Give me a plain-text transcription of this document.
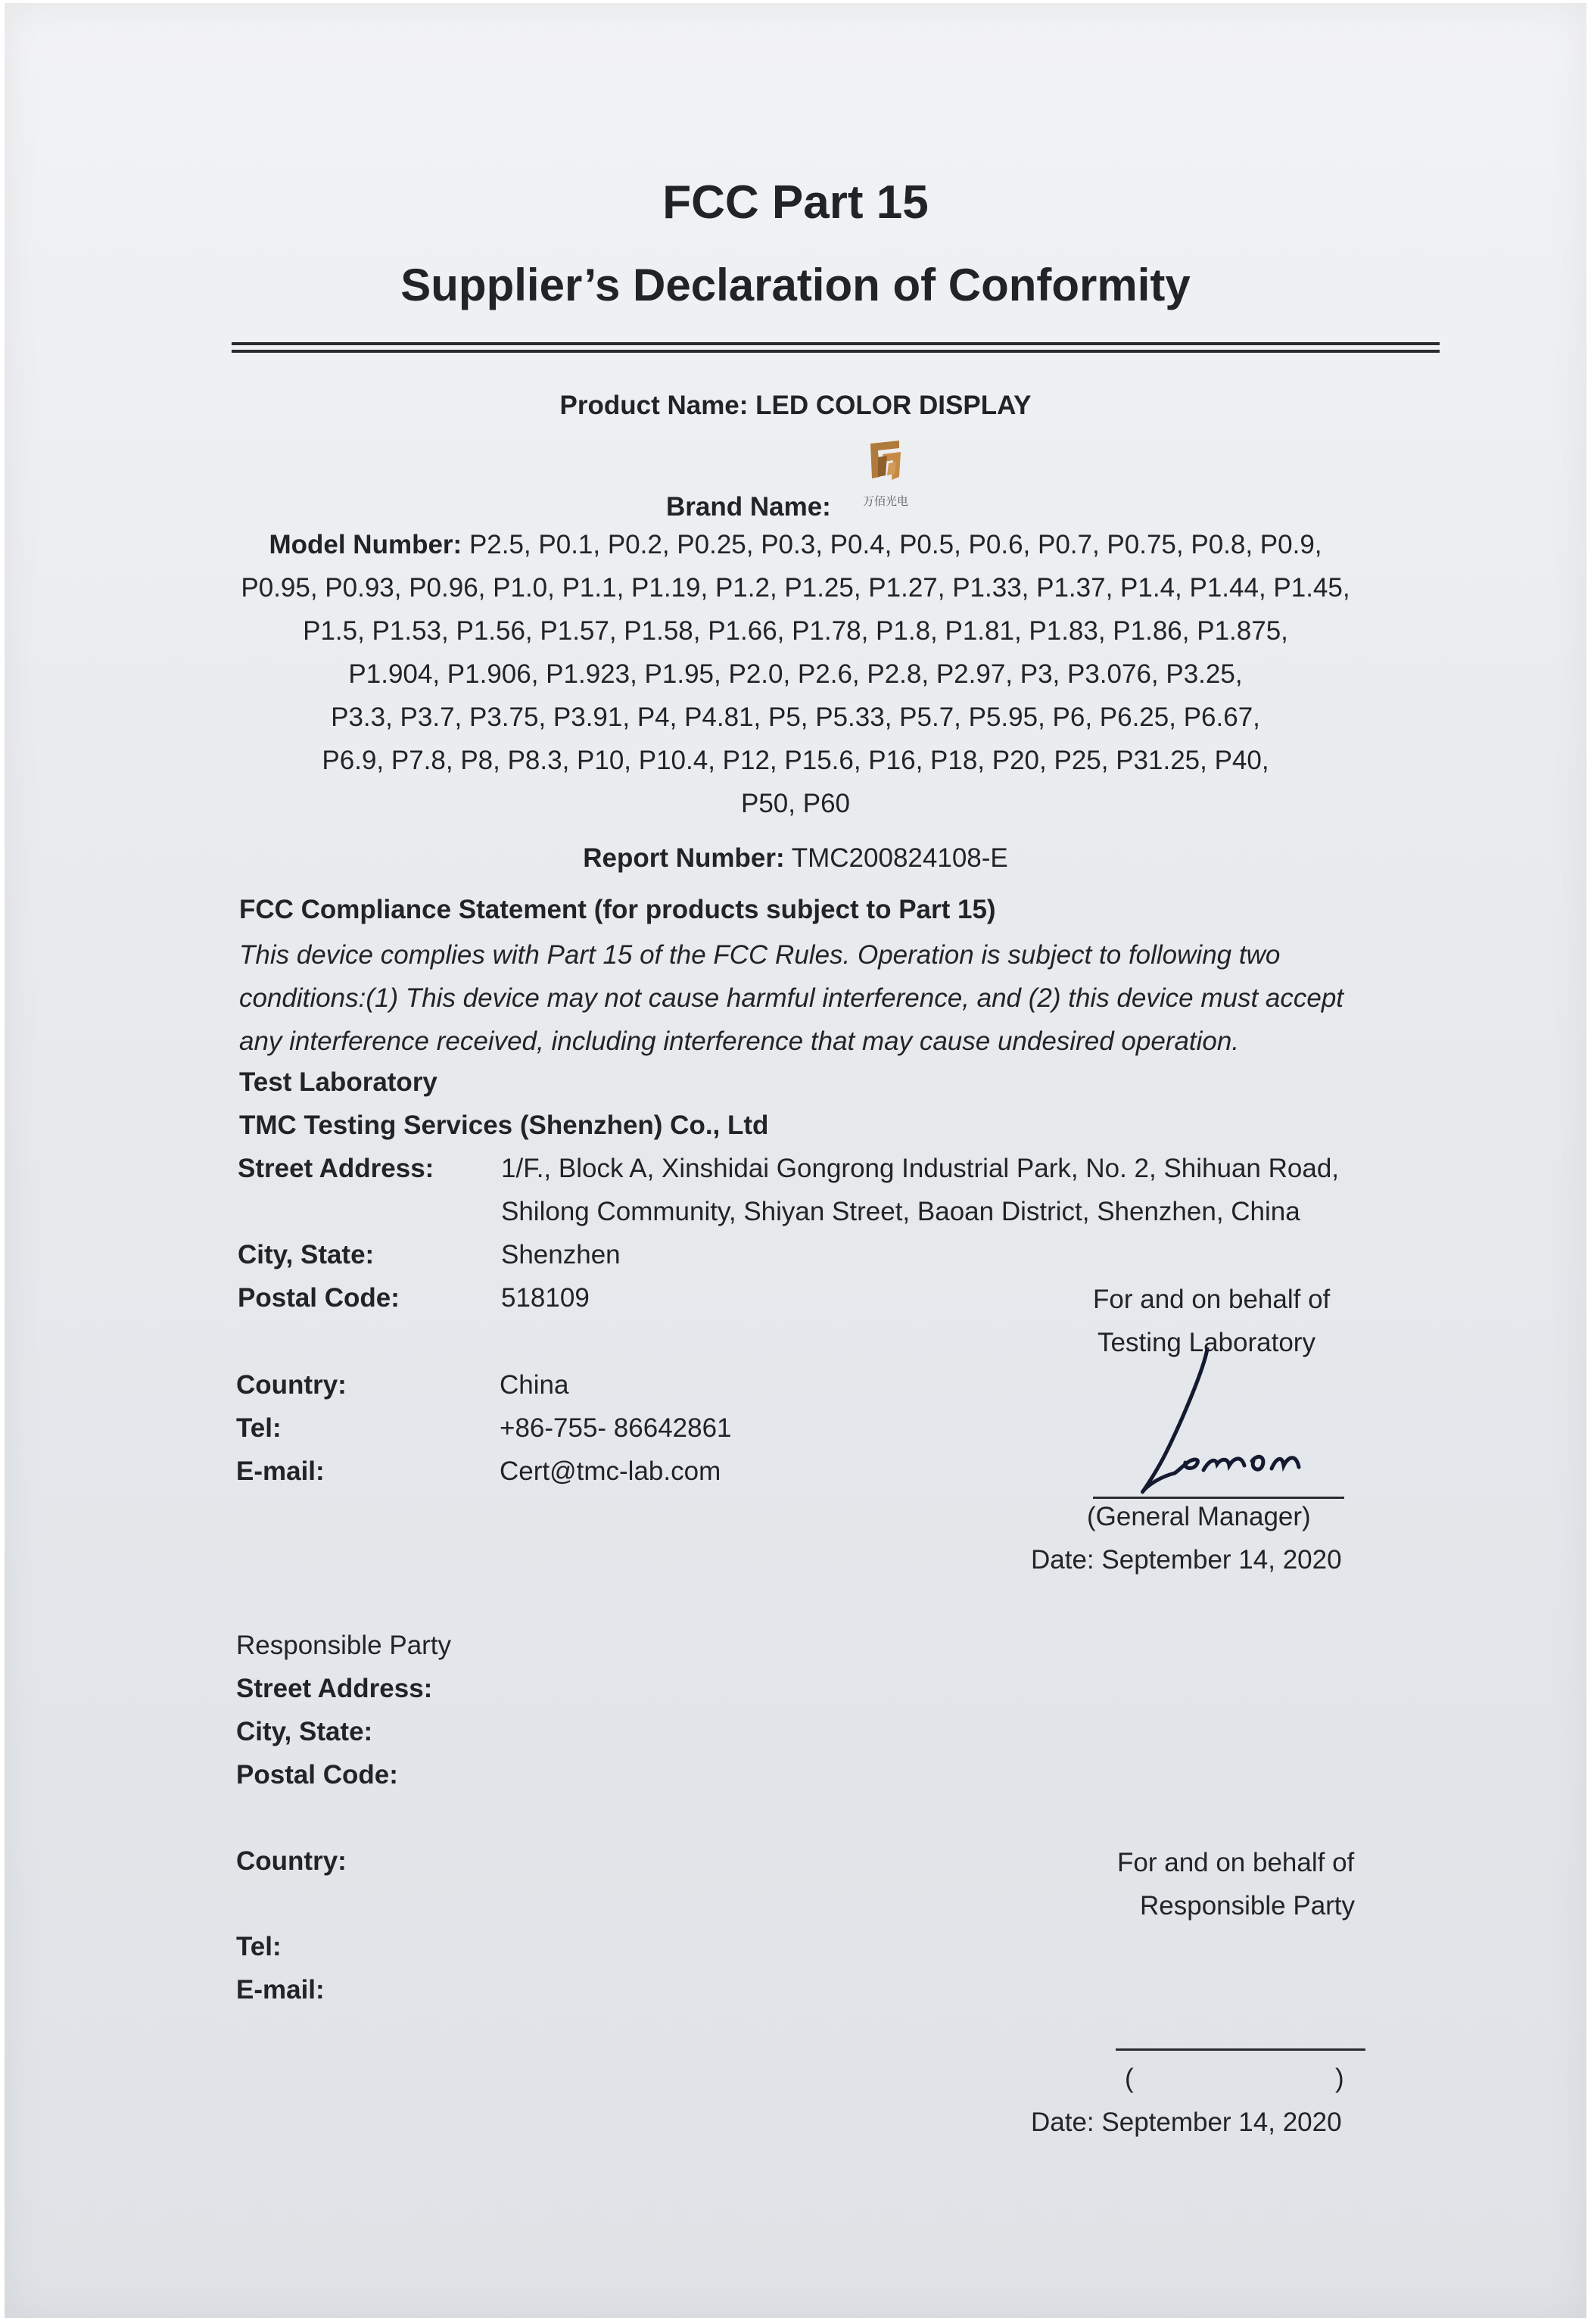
FCC Part 15
Supplier’s Declaration of Conformity
Product Name: LED COLOR DISPLAY
Brand Name:	万佰光电
Model Number: P2.5, P0.1, P0.2, P0.25, P0.3, P0.4, P0.5, P0.6, P0.7, P0.75, P0.8, P0.9,
P0.95, P0.93, P0.96, P1.0, P1.1, P1.19, P1.2, P1.25, P1.27, P1.33, P1.37, P1.4, P1.44, P1.45,
P1.5, P1.53, P1.56, P1.57, P1.58, P1.66, P1.78, P1.8, P1.81, P1.83, P1.86, P1.875,
P1.904, P1.906, P1.923, P1.95, P2.0, P2.6, P2.8, P2.97, P3, P3.076, P3.25,
P3.3, P3.7, P3.75, P3.91, P4, P4.81, P5, P5.33, P5.7, P5.95, P6, P6.25, P6.67,
P6.9, P7.8, P8, P8.3, P10, P10.4, P12, P15.6, P16, P18, P20, P25, P31.25, P40,
P50, P60
Report Number: TMC200824108-E
FCC Compliance Statement (for products subject to Part 15)
This device complies with Part 15 of the FCC Rules. Operation is subject to following two
conditions:(1) This device may not cause harmful interference, and (2) this device must accept
any interference received, including interference that may cause undesired operation.
Test Laboratory
TMC Testing Services (Shenzhen) Co., Ltd
Street Address:	1/F., Block A, Xinshidai Gongrong Industrial Park, No. 2, Shihuan Road,
Shilong Community, Shiyan Street, Baoan District, Shenzhen, China
City, State:	Shenzhen
Postal Code:	518109
Country:	China
Tel:	+86-755- 86642861
E-mail:	Cert@tmc-lab.com
For and on behalf of
Testing Laboratory
(General Manager)
Date: September 14, 2020
Responsible Party
Street Address:
City, State:
Postal Code:
Country:
Tel:
E-mail:
For and on behalf of
Responsible Party
(	)
Date: September 14, 2020
